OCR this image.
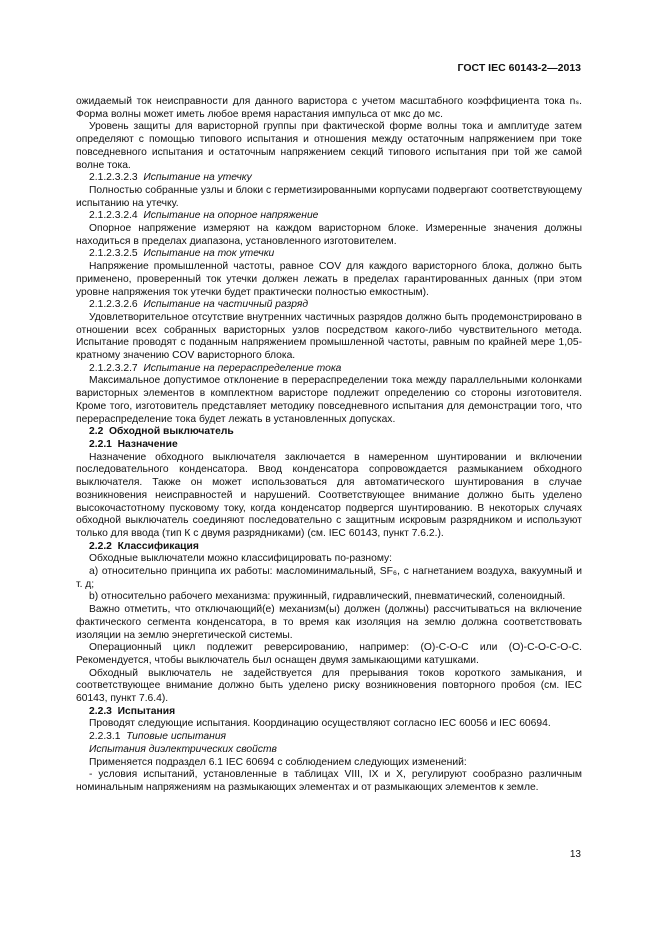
ГОСТ IEC 60143-2—2013

ожидаемый ток неисправности для данного варистора с учетом масштабного коэффициента тока nₛ. Форма волны может иметь любое время нарастания импульса от мкс до мс.

Уровень защиты для варисторной группы при фактической форме волны тока и амплитуде затем определяют с помощью типового испытания и отношения между остаточным напряжением при токе повседневного испытания и остаточным напряжением секций типового испытания при той же самой волне тока.

2.1.2.3.2.3 Испытание на утечку

Полностью собранные узлы и блоки с герметизированными корпусами подвергают соответствующему испытанию на утечку.

2.1.2.3.2.4 Испытание на опорное напряжение

Опорное напряжение измеряют на каждом варисторном блоке. Измеренные значения должны находиться в пределах диапазона, установленного изготовителем.

2.1.2.3.2.5 Испытание на ток утечки

Напряжение промышленной частоты, равное COV для каждого варисторного блока, должно быть применено, проверенный ток утечки должен лежать в пределах гарантированных данных (при этом уровне напряжения ток утечки будет практически полностью емкостным).

2.1.2.3.2.6 Испытание на частичный разряд

Удовлетворительное отсутствие внутренних частичных разрядов должно быть продемонстрировано в отношении всех собранных варисторных узлов посредством какого-либо чувствительного метода. Испытание проводят с поданным напряжением промышленной частоты, равным по крайней мере 1,05-кратному значению COV варисторного блока.

2.1.2.3.2.7 Испытание на перераспределение тока

Максимальное допустимое отклонение в перераспределении тока между параллельными колонками варисторных элементов в комплектном варисторе подлежит определению со стороны изготовителя. Кроме того, изготовитель представляет методику повседневного испытания для демонстрации того, что перераспределение тока будет лежать в установленных допусках.

2.2  Обходной выключатель

2.2.1  Назначение

Назначение обходного выключателя заключается в намеренном шунтировании и включении последовательного конденсатора. Ввод конденсатора сопровождается размыканием обходного выключателя. Также он может использоваться для автоматического шунтирования в случае возникновения неисправностей и нарушений. Соответствующее внимание должно быть уделено высокочастотному пусковому току, когда конденсатор подвергся шунтированию. В некоторых случаях обходной выключатель соединяют последовательно с защитным искровым разрядником и используют только для ввода (тип К с двумя разрядниками) (см. IEC 60143, пункт 7.6.2.).

2.2.2  Классификация

Обходные выключатели можно классифицировать по-разному:

a) относительно принципа их работы: масломинимальный, SF₆, с нагнетанием воздуха, вакуумный и т. д;

b) относительно рабочего механизма: пружинный, гидравлический, пневматический, соленоидный.

Важно отметить, что отключающий(е) механизм(ы) должен (должны) рассчитываться на включение фактического сегмента конденсатора, в то время как изоляция на землю должна соответствовать изоляции на землю энергетической системы.

Операционный цикл подлежит реверсированию, например: (О)-С-О-С или (О)-С-О-С-О-С. Рекомендуется, чтобы выключатель был оснащен двумя замыкающими катушками.

Обходный выключатель не задействуется для прерывания токов короткого замыкания, и соответствующее внимание должно быть уделено риску возникновения повторного пробоя (см. IEC 60143, пункт 7.6.4).

2.2.3  Испытания

Проводят следующие испытания. Координацию осуществляют согласно IEC 60056 и IEC 60694.

2.2.3.1 Типовые испытания

Испытания диэлектрических свойств

Применяется подраздел 6.1 IEC 60694 с соблюдением следующих изменений:

- условия испытаний, установленные в таблицах VIII, IX и X, регулируют сообразно различным номинальным напряжениям на размыкающих элементах и от размыкающих элементов к земле.

13
